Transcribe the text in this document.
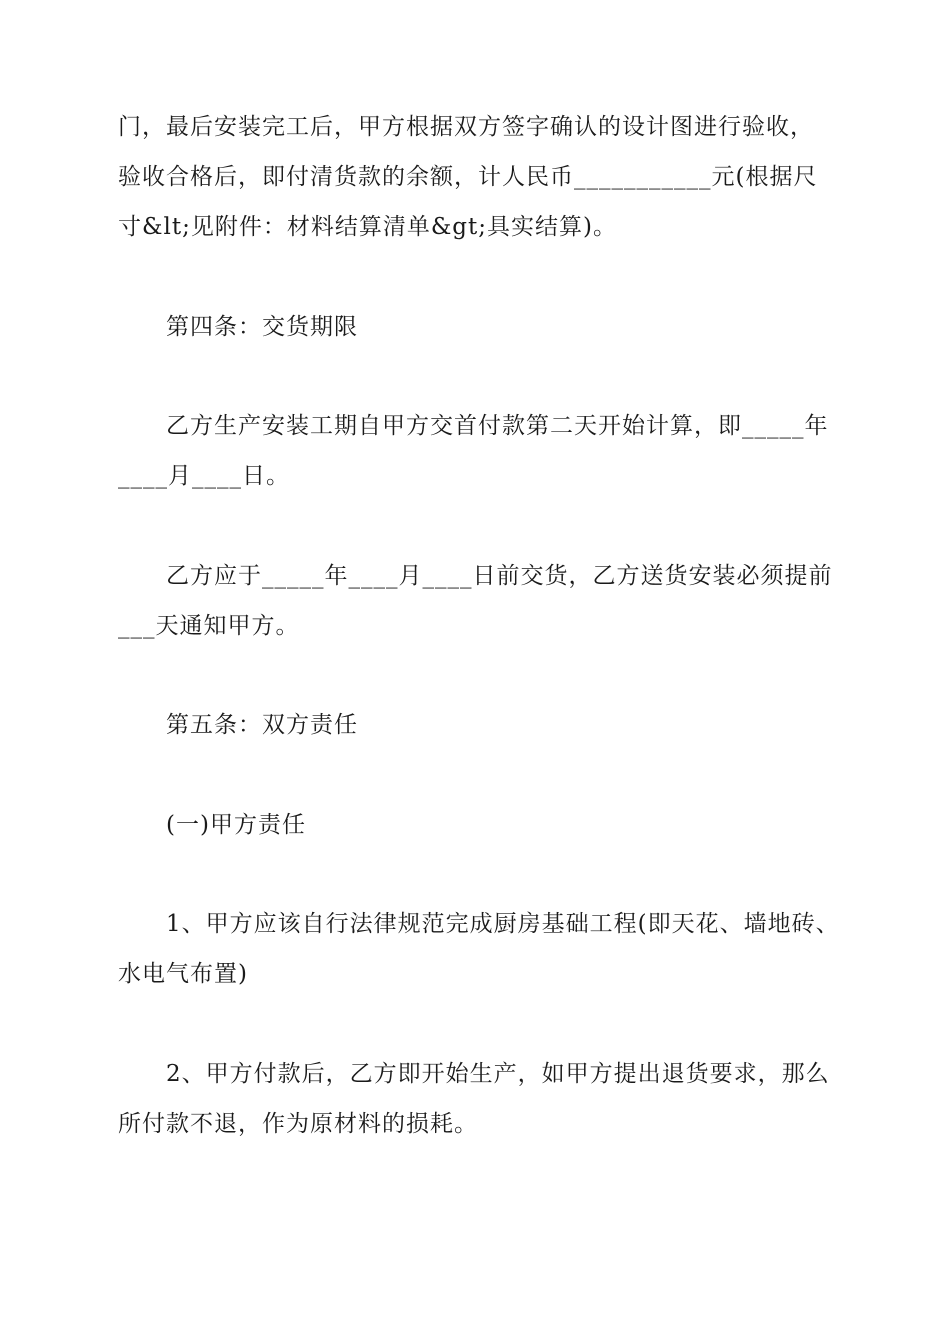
门，最后安装完工后，甲方根据双方签字确认的设计图进行验收，
验收合格后，即付清货款的余额，计人民币___________元(根据尺
寸&lt;见附件：材料结算清单&gt;具实结算)。
第四条：交货期限
乙方生产安装工期自甲方交首付款第二天开始计算，即_____年
____月____日。
乙方应于_____年____月____日前交货，乙方送货安装必须提前
___天通知甲方。
第五条：双方责任
(一)甲方责任
1、甲方应该自行法律规范完成厨房基础工程(即天花、墙地砖、
水电气布置)
2、甲方付款后，乙方即开始生产，如甲方提出退货要求，那么
所付款不退，作为原材料的损耗。
